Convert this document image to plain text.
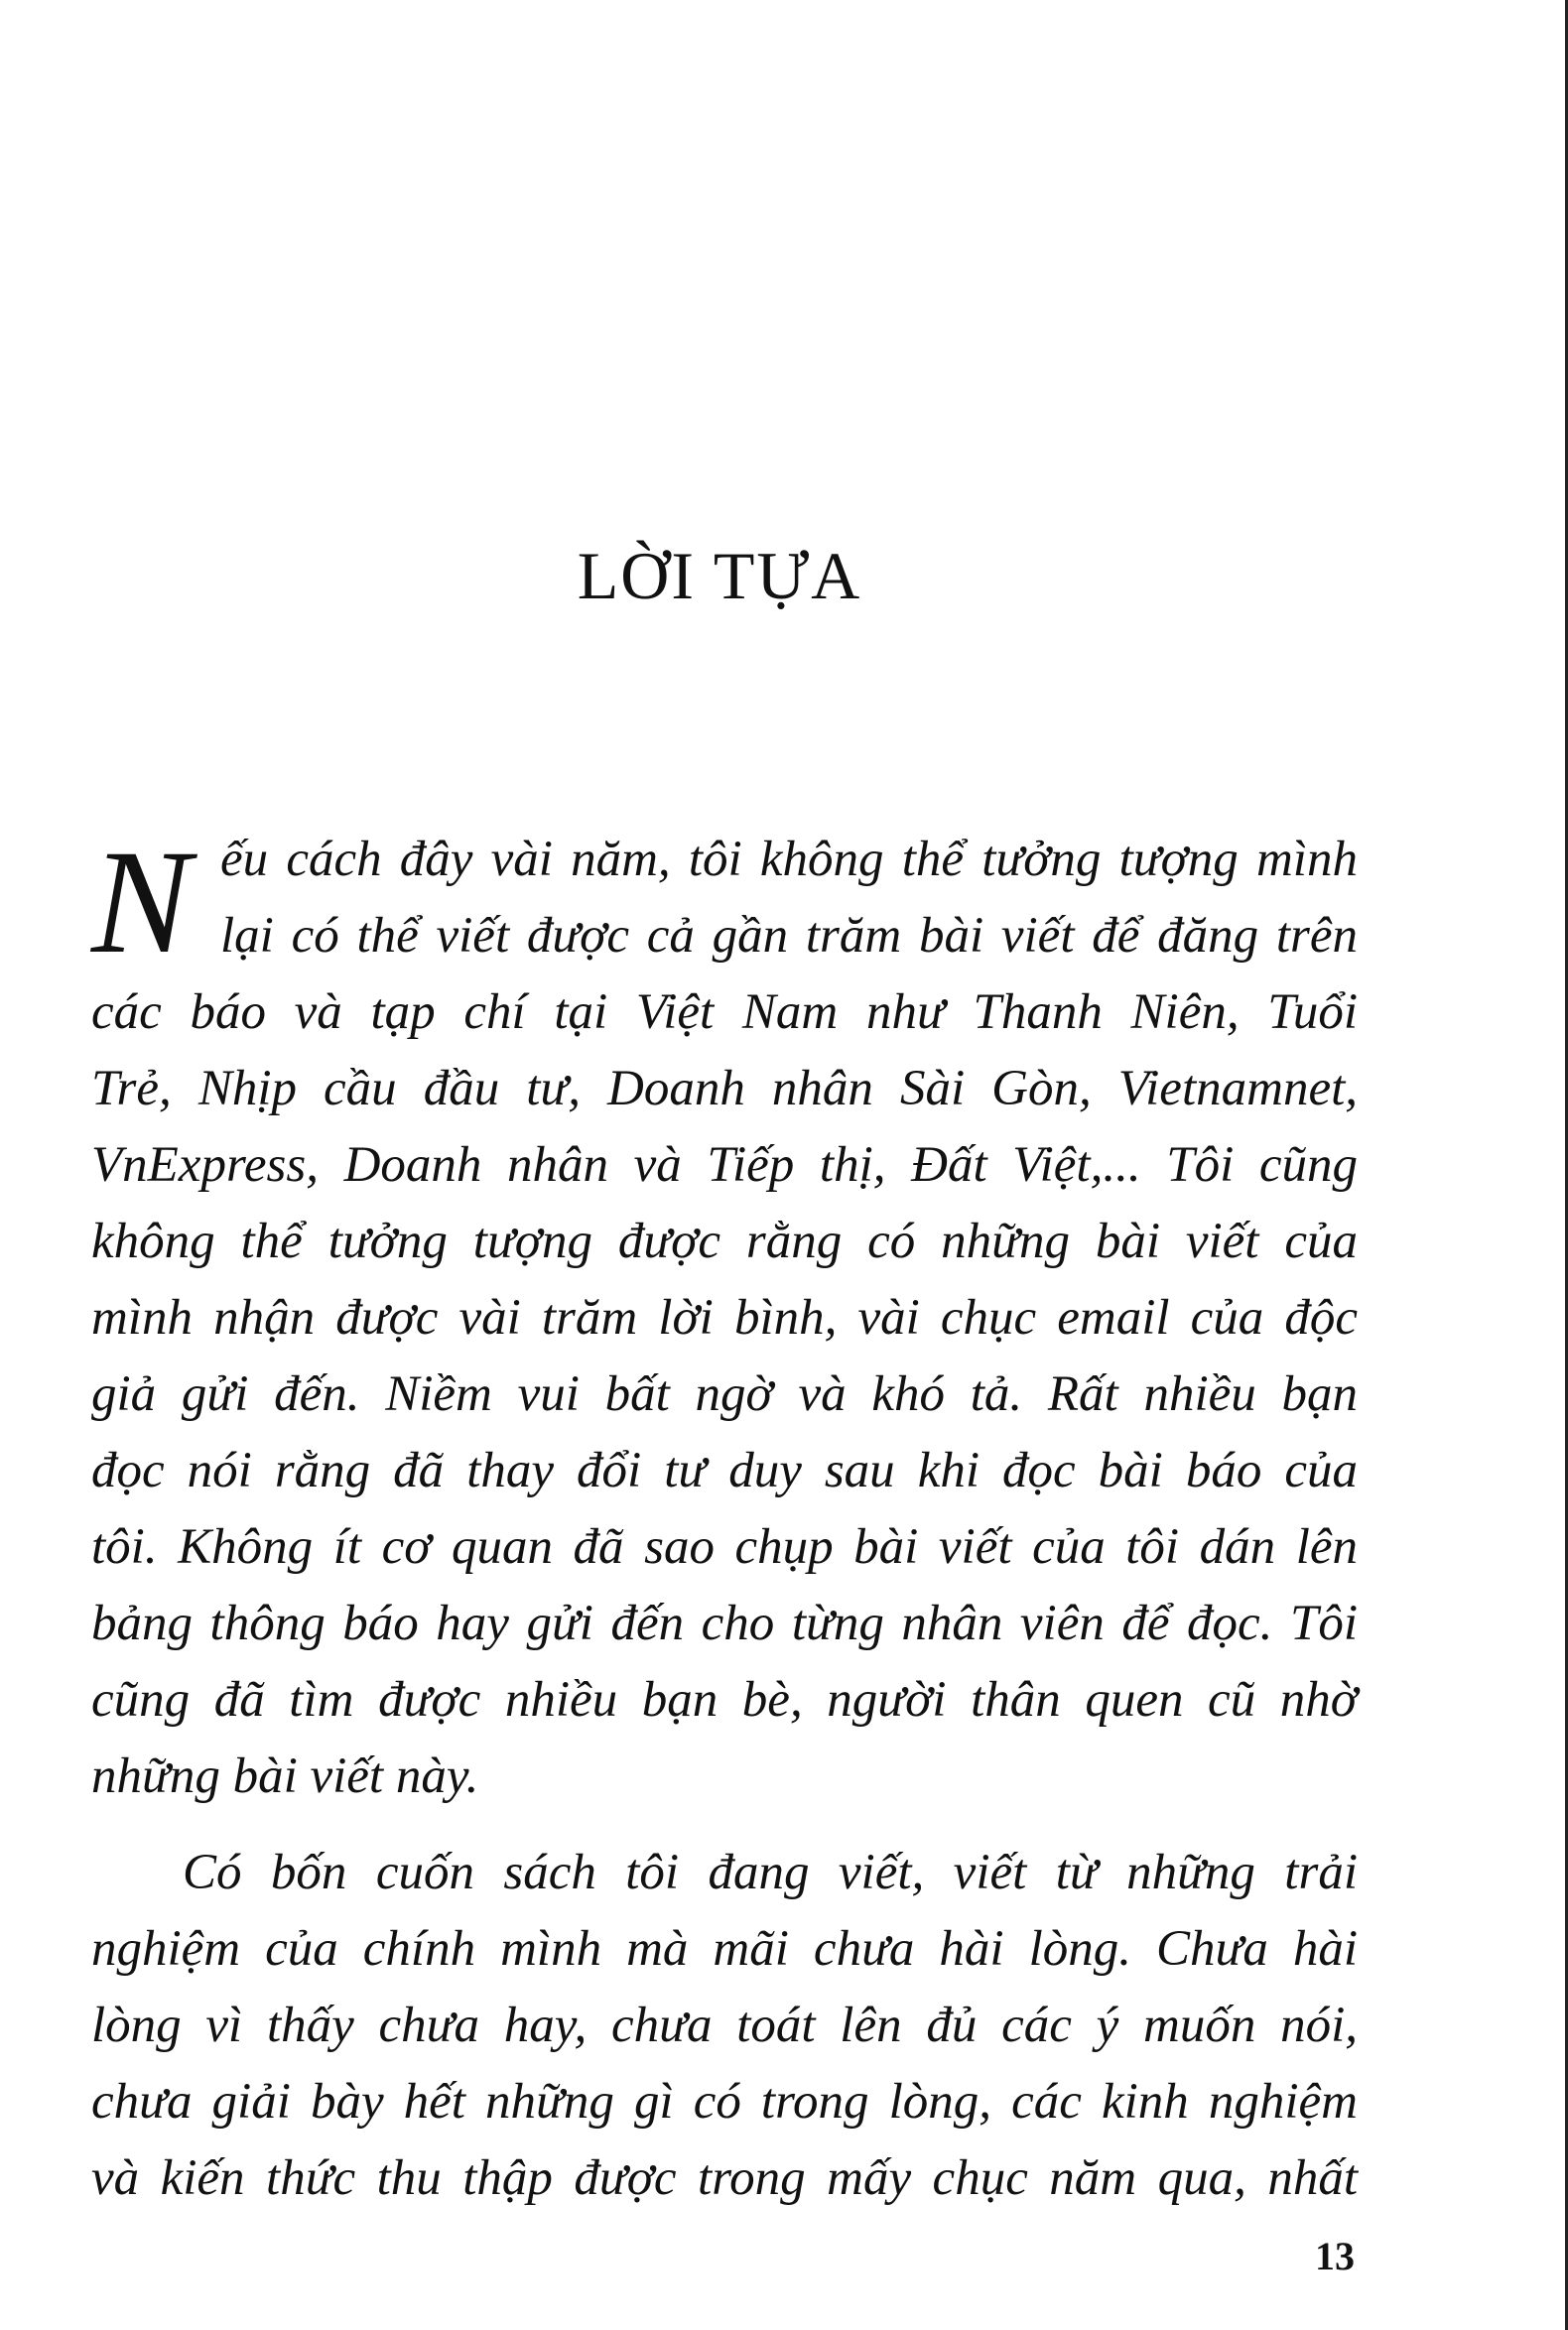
LỜI TỰA
N ếu cách đây vài năm, tôi không thể tưởng tượng mình
lại có thể viết được cả gần trăm bài viết để đăng trên
các báo và tạp chí tại Việt Nam như Thanh Niên, Tuổi
Trẻ, Nhịp cầu đầu tư, Doanh nhân Sài Gòn, Vietnamnet,
VnExpress, Doanh nhân và Tiếp thị, Đất Việt,... Tôi cũng
không thể tưởng tượng được rằng có những bài viết của
mình nhận được vài trăm lời bình, vài chục email của độc
giả gửi đến. Niềm vui bất ngờ và khó tả. Rất nhiều bạn
đọc nói rằng đã thay đổi tư duy sau khi đọc bài báo của
tôi. Không ít cơ quan đã sao chụp bài viết của tôi dán lên
bảng thông báo hay gửi đến cho từng nhân viên để đọc. Tôi
cũng đã tìm được nhiều bạn bè, người thân quen cũ nhờ
những bài viết này.
Có bốn cuốn sách tôi đang viết, viết từ những trải
nghiệm của chính mình mà mãi chưa hài lòng. Chưa hài
lòng vì thấy chưa hay, chưa toát lên đủ các ý muốn nói,
chưa giải bày hết những gì có trong lòng, các kinh nghiệm
và kiến thức thu thập được trong mấy chục năm qua, nhất
13
